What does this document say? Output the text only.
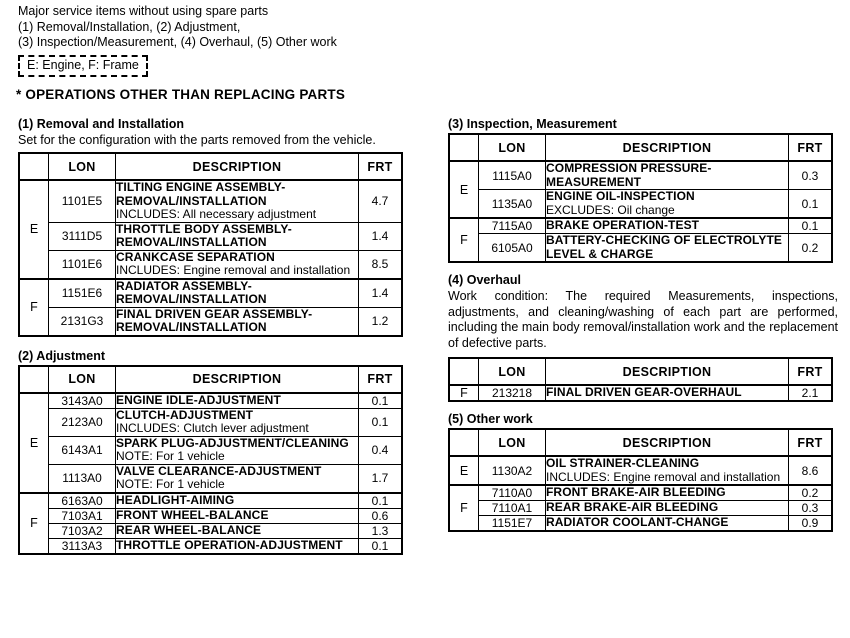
Major service items without using spare parts
(1) Removal/Installation, (2) Adjustment,
(3) Inspection/Measurement, (4) Overhaul, (5) Other work
E: Engine, F: Frame
* OPERATIONS OTHER THAN REPLACING PARTS
(1) Removal and Installation
Set for the configuration with the parts removed from the vehicle.
	LON	DESCRIPTION	FRT
E	1101E5	TILTING ENGINE ASSEMBLY-REMOVAL/INSTALLATION
INCLUDES: All necessary adjustment	4.7
	3111D5	THROTTLE BODY ASSEMBLY-REMOVAL/INSTALLATION	1.4
	1101E6	CRANKCASE SEPARATION
INCLUDES: Engine removal and installation	8.5
F	1151E6	RADIATOR ASSEMBLY-REMOVAL/INSTALLATION	1.4
	2131G3	FINAL DRIVEN GEAR ASSEMBLY-REMOVAL/INSTALLATION	1.2
(2) Adjustment
	LON	DESCRIPTION	FRT
E	3143A0	ENGINE IDLE-ADJUSTMENT	0.1
	2123A0	CLUTCH-ADJUSTMENT
INCLUDES: Clutch lever adjustment	0.1
	6143A1	SPARK PLUG-ADJUSTMENT/CLEANING
NOTE: For 1 vehicle	0.4
	1113A0	VALVE CLEARANCE-ADJUSTMENT
NOTE: For 1 vehicle	1.7
F	6163A0	HEADLIGHT-AIMING	0.1
	7103A1	FRONT WHEEL-BALANCE	0.6
	7103A2	REAR WHEEL-BALANCE	1.3
	3113A3	THROTTLE OPERATION-ADJUSTMENT	0.1
(3) Inspection, Measurement
	LON	DESCRIPTION	FRT
E	1115A0	COMPRESSION PRESSURE-MEASUREMENT	0.3
	1135A0	ENGINE OIL-INSPECTION
EXCLUDES: Oil change	0.1
F	7115A0	BRAKE OPERATION-TEST	0.1
	6105A0	BATTERY-CHECKING OF ELECTROLYTE LEVEL & CHARGE	0.2
(4) Overhaul
Work condition: The required Measurements, inspections, adjustments, and cleaning/washing of each part are performed, including the main body removal/installation work and the replacement of defective parts.
	LON	DESCRIPTION	FRT
F	213218	FINAL DRIVEN GEAR-OVERHAUL	2.1
(5) Other work
	LON	DESCRIPTION	FRT
E	1130A2	OIL STRAINER-CLEANING
INCLUDES: Engine removal and installation	8.6
F	7110A0	FRONT BRAKE-AIR BLEEDING	0.2
	7110A1	REAR BRAKE-AIR BLEEDING	0.3
	1151E7	RADIATOR COOLANT-CHANGE	0.9
